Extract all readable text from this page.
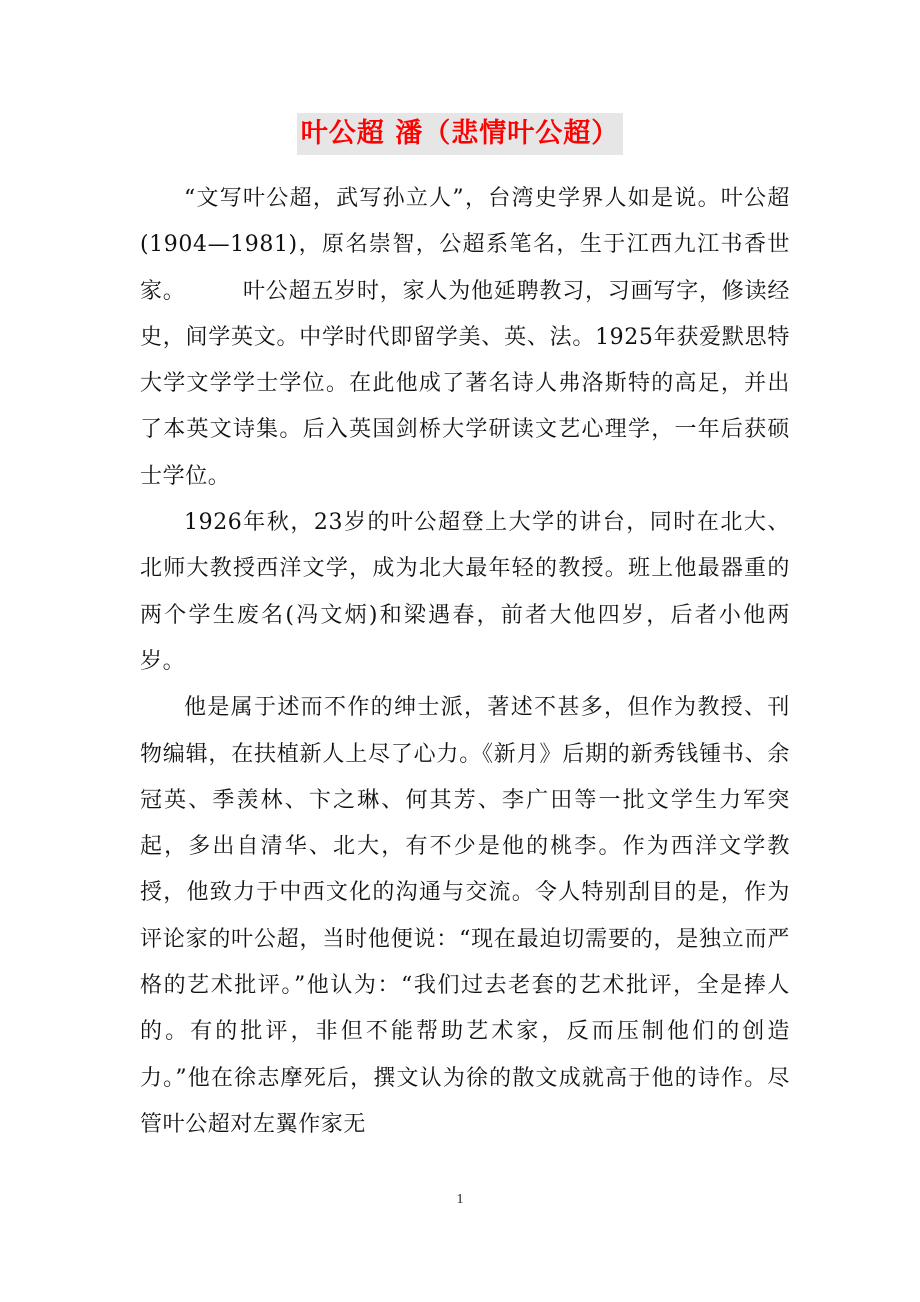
叶公超 潘（悲情叶公超）

“文写叶公超，武写孙立人”，台湾史学界人如是说。叶公超(1904—1981)，原名崇智，公超系笔名，生于江西九江书香世家。　　　叶公超五岁时，家人为他延聘教习，习画写字，修读经史，间学英文。中学时代即留学美、英、法。1925年获爱默思特大学文学学士学位。在此他成了著名诗人弗洛斯特的高足，并出了本英文诗集。后入英国剑桥大学研读文艺心理学，一年后获硕士学位。

1926年秋，23岁的叶公超登上大学的讲台，同时在北大、北师大教授西洋文学，成为北大最年轻的教授。班上他最器重的两个学生废名(冯文炳)和梁遇春，前者大他四岁，后者小他两岁。

他是属于述而不作的绅士派，著述不甚多，但作为教授、刊物编辑，在扶植新人上尽了心力。《新月》后期的新秀钱锺书、余冠英、季羡林、卞之琳、何其芳、李广田等一批文学生力军突起，多出自清华、北大，有不少是他的桃李。作为西洋文学教授，他致力于中西文化的沟通与交流。令人特别刮目的是，作为评论家的叶公超，当时他便说：“现在最迫切需要的，是独立而严格的艺术批评。”他认为：“我们过去老套的艺术批评，全是捧人的。有的批评，非但不能帮助艺术家，反而压制他们的创造力。”他在徐志摩死后，撰文认为徐的散文成就高于他的诗作。尽管叶公超对左翼作家无

1
